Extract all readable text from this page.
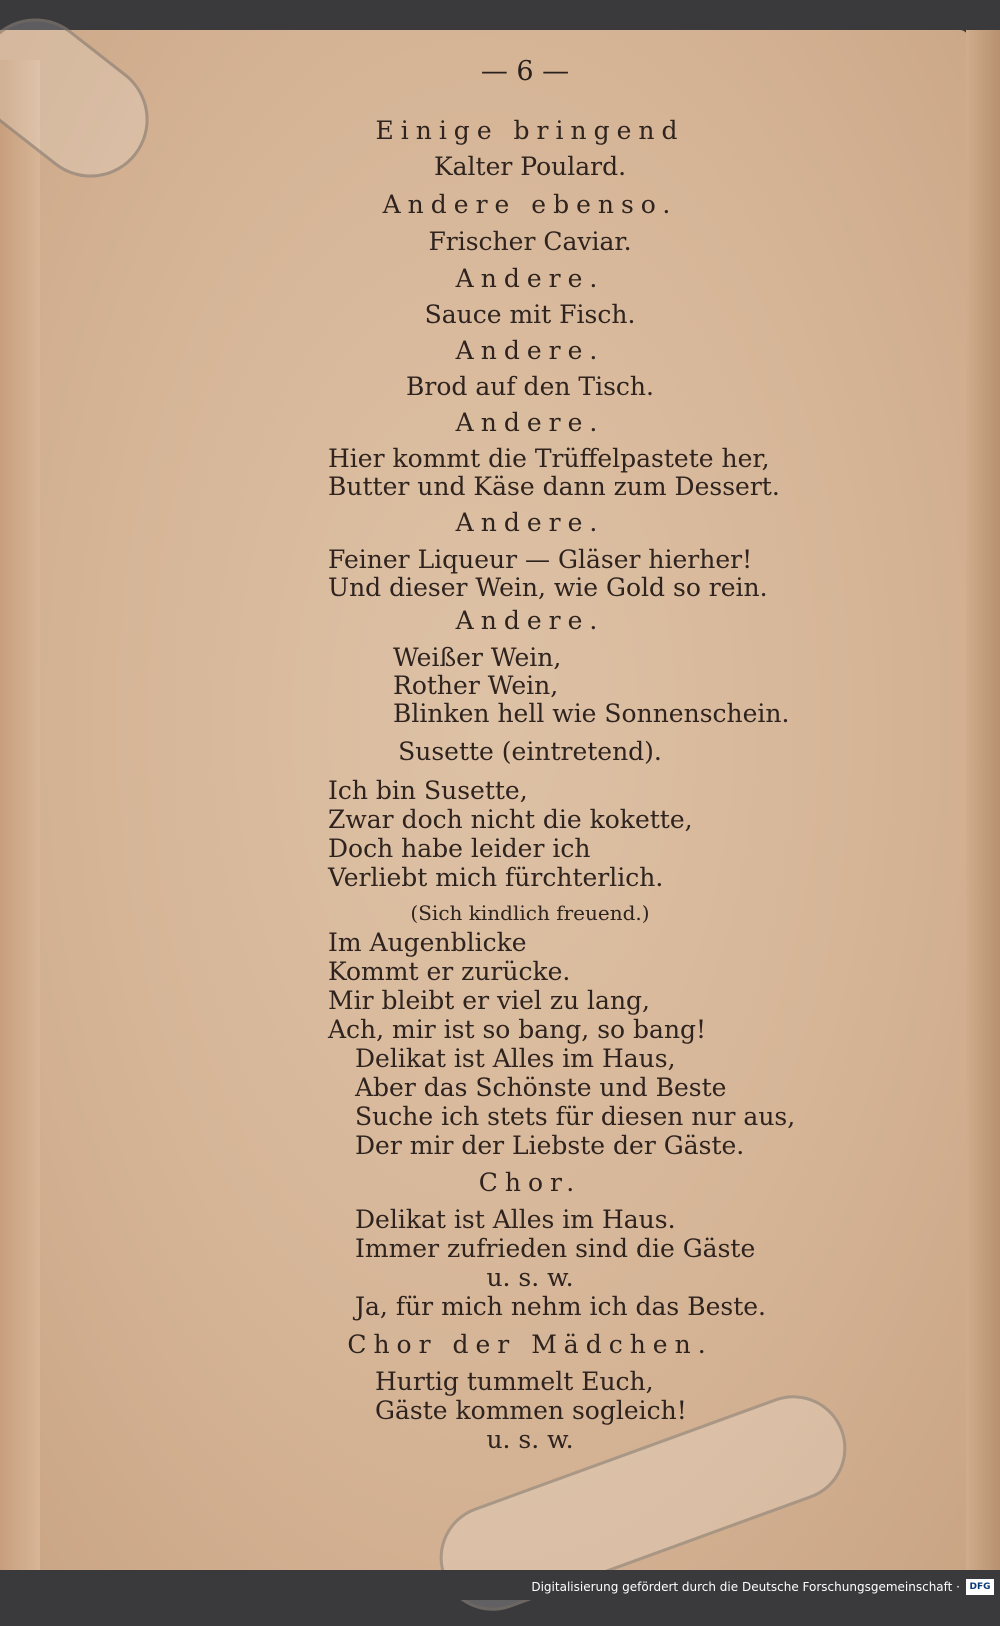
— 6 —
Einige bringend
Kalter Poulard.
Andere ebenso.
Frischer Caviar.
Andere.
Sauce mit Fisch.
Andere.
Brod auf den Tisch.
Andere.
Hier kommt die Trüffelpastete her,
Butter und Käse dann zum Dessert.
Andere.
Feiner Liqueur — Gläser hierher!
Und dieser Wein, wie Gold so rein.
Andere.
Weißer Wein,
Rother Wein,
Blinken hell wie Sonnenschein.
Susette (eintretend).
Ich bin Susette,
Zwar doch nicht die kokette,
Doch habe leider ich
Verliebt mich fürchterlich.
(Sich kindlich freuend.)
Im Augenblicke
Kommt er zurücke.
Mir bleibt er viel zu lang,
Ach, mir ist so bang, so bang!
Delikat ist Alles im Haus,
Aber das Schönste und Beste
Suche ich stets für diesen nur aus,
Der mir der Liebste der Gäste.
Chor.
Delikat ist Alles im Haus.
Immer zufrieden sind die Gäste
u. s. w.
Ja, für mich nehm ich das Beste.
Chor der Mädchen.
Hurtig tummelt Euch,
Gäste kommen sogleich!
u. s. w.
Digitalisierung gefördert durch die Deutsche Forschungsgemeinschaft ·	DFG
